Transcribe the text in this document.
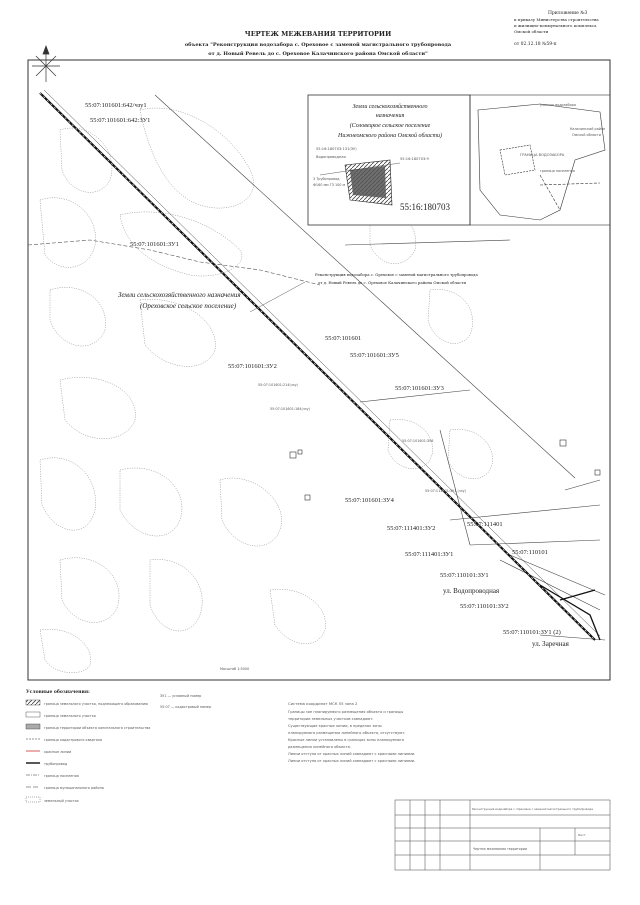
ЧЕРТЕЖ МЕЖЕВАНИЯ ТЕРРИТОРИИ
объекта "Реконструкция водозабора с. Ореховое с заменой магистрального трубопровода
от д. Новый Ревель до с. Ореховое Калачинского района Омской области"
Приложение №3
к приказу Министерства строительства
и жилищно-коммунального комплекса
Омской области
от 02.12.18 №59-п
Земли сельскохозяйственного
назначения
(Соловецкое сельское поселение
Нижнеомского района Омской области)
55:16:180703:131(ЗУ)
Водопроводная	55:16:180703:9
3 Трубопровод
Ф160 мм ГЗ 100 м
55:16:180703
участок водозабора
Калачинский район
Омской области
ГРАНИЦА ВОДОЗАБОРА
граница поселения
55:07:101601:642/чзу1
55:07:101601:642:ЗУ1
55:07:101601:ЗУ1
55:07:101601
55:07:101601:ЗУ5
55:07:101601:ЗУ2
55:07:101601:ЗУ3
55:07:101601:ЗУ4
55:07:111401:ЗУ2
55:07:111401
55:07:111401:ЗУ1	55:07:110101
55:07:110101:ЗУ1
55:07:110101:ЗУ2
55:07:110101:ЗУ1 (2)
Земли сельскохозяйственного назначения
(Ореховское сельское поселение)
Реконструкция водозабора с. Ореховое с заменой магистрального трубопровода
от д. Новый Ревель до с. Ореховое Калачинского района Омской области
ул. Водопроводная
ул. Заречная
55:07:101601:214(чзу)
55:07:101601:184(чзу)
55:07:101601:ЗУ6
55:07:111401:ЗУ1 (чзу)
Масштаб 1:5000
Условные обозначения:
граница земельного участка, подлежащего образованию
граница земельного участка
граница территории объекта капитального строительства
граница кадастрового квартала
красные линии
трубопровод
граница поселения
граница муниципального района
земельный участок
ЗУ1 — условный номер
55:07 — кадастровый номер
Система координат МСК 55 зона 2
Границы зон планируемого размещения объекта и границы
территории земельных участков совпадают.
Существующие красные линии, в пределах зоны
планируемого размещения линейного объекта, отсутствуют.
Красные линии установлены в границах зоны планируемого
размещения линейного объекта.
Линии отступа от красных линий совпадают с красными линиями.
Линии отступа от красных линий совпадают с красными линиями.
Реконструкция водозабора с. Ореховое с заменой магистрального трубопровода
Чертеж межевания территории
Лист
